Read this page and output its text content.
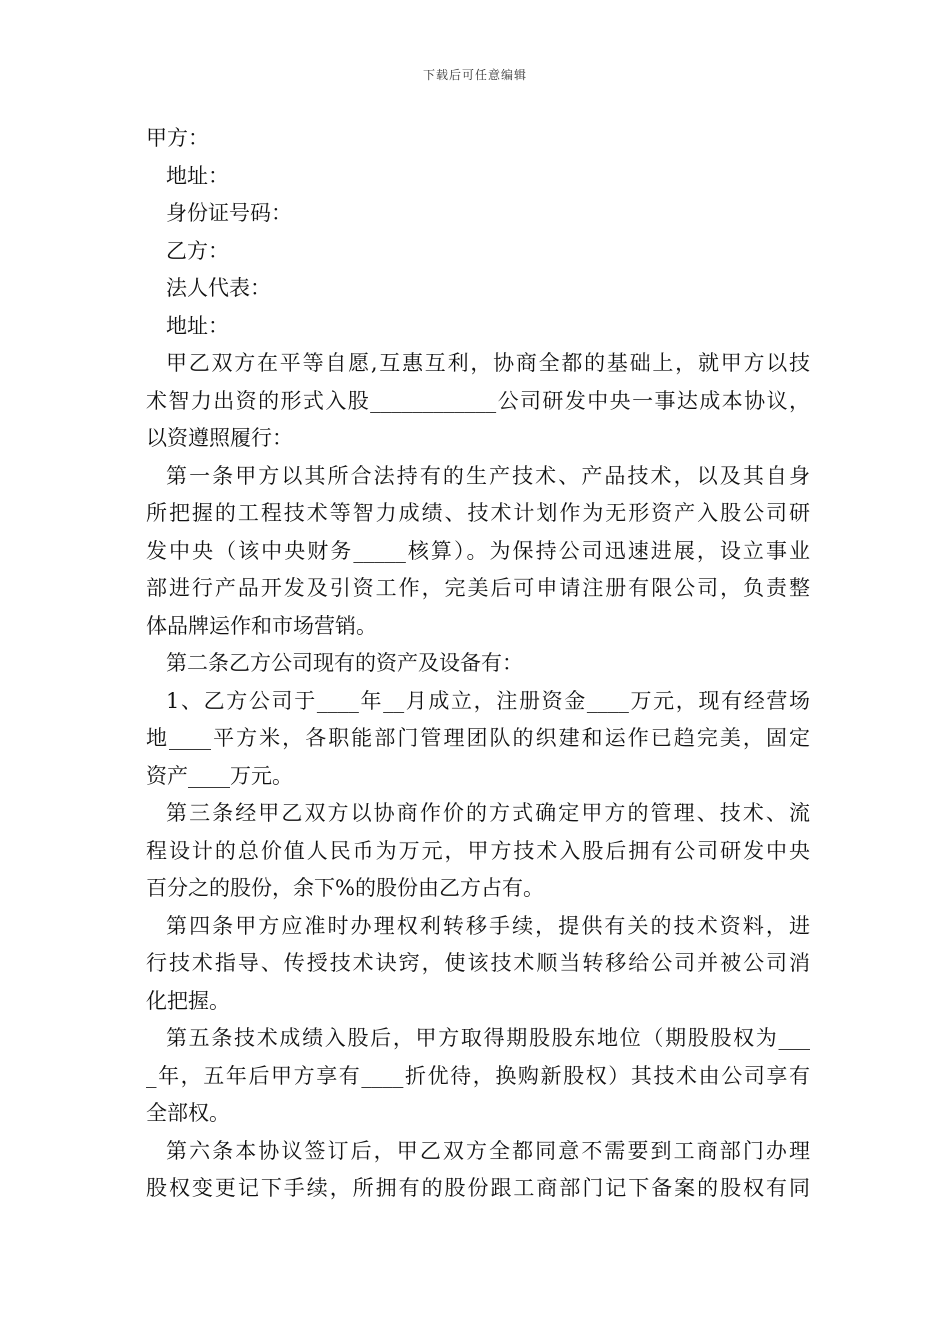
下载后可任意编辑
甲方：
地址：
身份证号码：
乙方：
法人代表：
地址：
甲乙双方在平等自愿,互惠互利，协商全都的基础上，就甲方以技
术智力出资的形式入股____________公司研发中央一事达成本协议，
以资遵照履行：
第一条甲方以其所合法持有的生产技术、产品技术，以及其自身
所把握的工程技术等智力成绩、技术计划作为无形资产入股公司研
发中央（该中央财务_____核算）。为保持公司迅速进展，设立事业
部进行产品开发及引资工作，完美后可申请注册有限公司，负责整
体品牌运作和市场营销。
第二条乙方公司现有的资产及设备有：
1、乙方公司于____年__月成立，注册资金____万元，现有经营场
地____平方米，各职能部门管理团队的织建和运作已趋完美，固定
资产____万元。
第三条经甲乙双方以协商作价的方式确定甲方的管理、技术、流
程设计的总价值人民币为万元，甲方技术入股后拥有公司研发中央
百分之的股份，余下%的股份由乙方占有。
第四条甲方应准时办理权利转移手续，提供有关的技术资料，进
行技术指导、传授技术诀窍，使该技术顺当转移给公司并被公司消
化把握。
第五条技术成绩入股后，甲方取得期股股东地位（期股股权为___
_年，五年后甲方享有____折优待，换购新股权）其技术由公司享有
全部权。
第六条本协议签订后，甲乙双方全都同意不需要到工商部门办理
股权变更记下手续，所拥有的股份跟工商部门记下备案的股权有同
